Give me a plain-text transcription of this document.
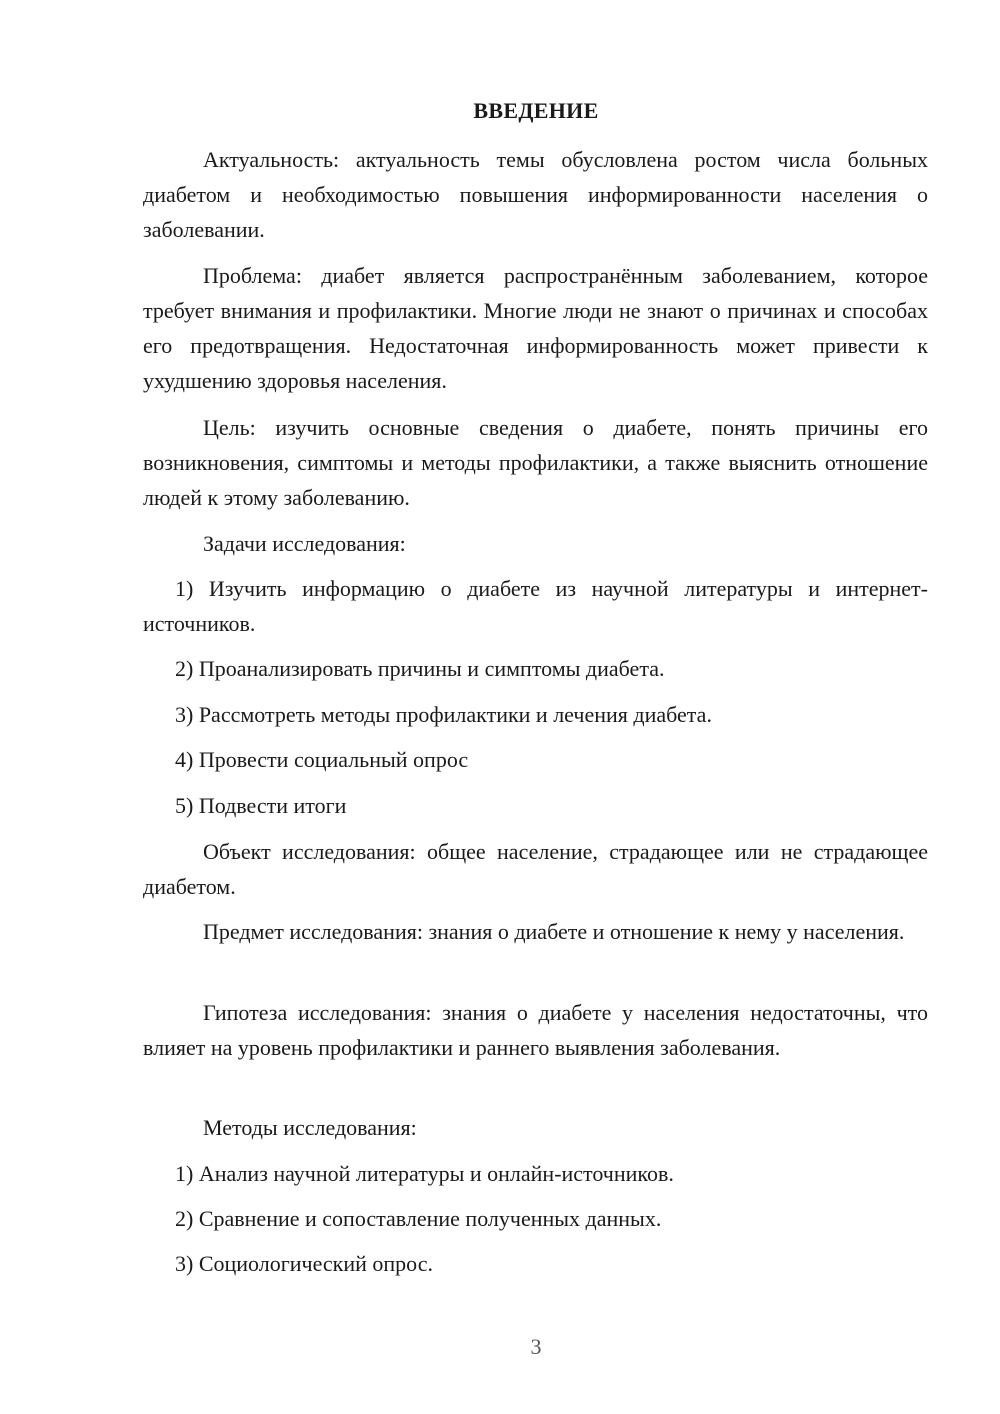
ВВЕДЕНИЕ

Актуальность: актуальность темы обусловлена ростом числа больных диабетом и необходимостью повышения информированности населения о заболевании.

Проблема: диабет является распространённым заболеванием, которое требует внимания и профилактики. Многие люди не знают о причинах и способах его предотвращения. Недостаточная информированность может привести к ухудшению здоровья населения.

Цель: изучить основные сведения о диабете, понять причины его возникновения, симптомы и методы профилактики, а также выяснить отношение людей к этому заболеванию.

Задачи исследования:

1) Изучить информацию о диабете из научной литературы и интернет-источников.

2) Проанализировать причины и симптомы диабета.

3) Рассмотреть методы профилактики и лечения диабета.

4) Провести социальный опрос

5) Подвести итоги

Объект исследования: общее население, страдающее или не страдающее диабетом.

Предмет исследования: знания о диабете и отношение к нему у населения.

Гипотеза исследования: знания о диабете у населения недостаточны, что влияет на уровень профилактики и раннего выявления заболевания.

Методы исследования:

1) Анализ научной литературы и онлайн-источников.

2) Сравнение и сопоставление полученных данных.

3) Социологический опрос.

3
